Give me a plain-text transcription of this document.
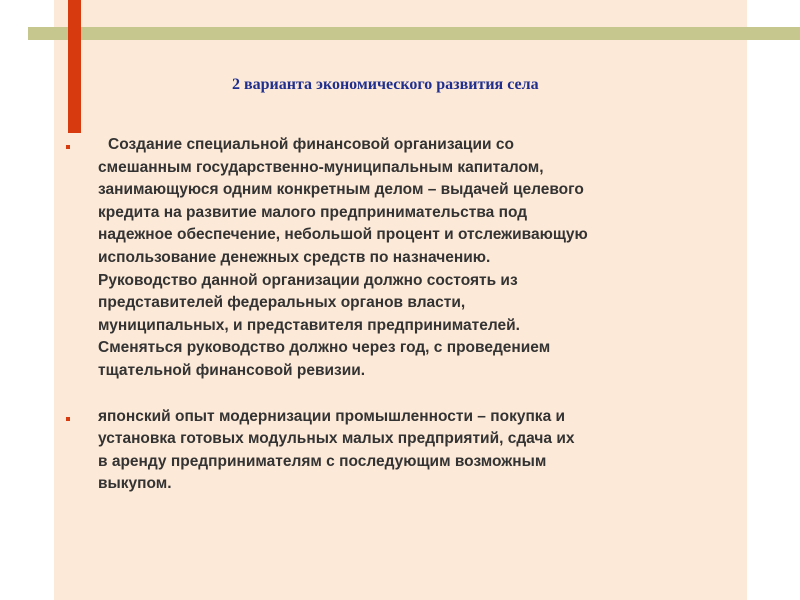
2 варианта экономического развития села
Создание специальной финансовой организации со
смешанным государственно-муниципальным капиталом,
занимающуюся одним конкретным делом – выдачей целевого
кредита на развитие малого предпринимательства под
надежное обеспечение, небольшой процент и отслеживающую
использование денежных средств по назначению.
Руководство данной организации должно состоять из
представителей федеральных органов власти,
муниципальных, и представителя предпринимателей.
Сменяться руководство должно через год, с проведением
тщательной финансовой ревизии.
японский опыт модернизации промышленности – покупка и
установка готовых модульных малых предприятий, сдача их
в аренду предпринимателям с последующим возможным
выкупом.
